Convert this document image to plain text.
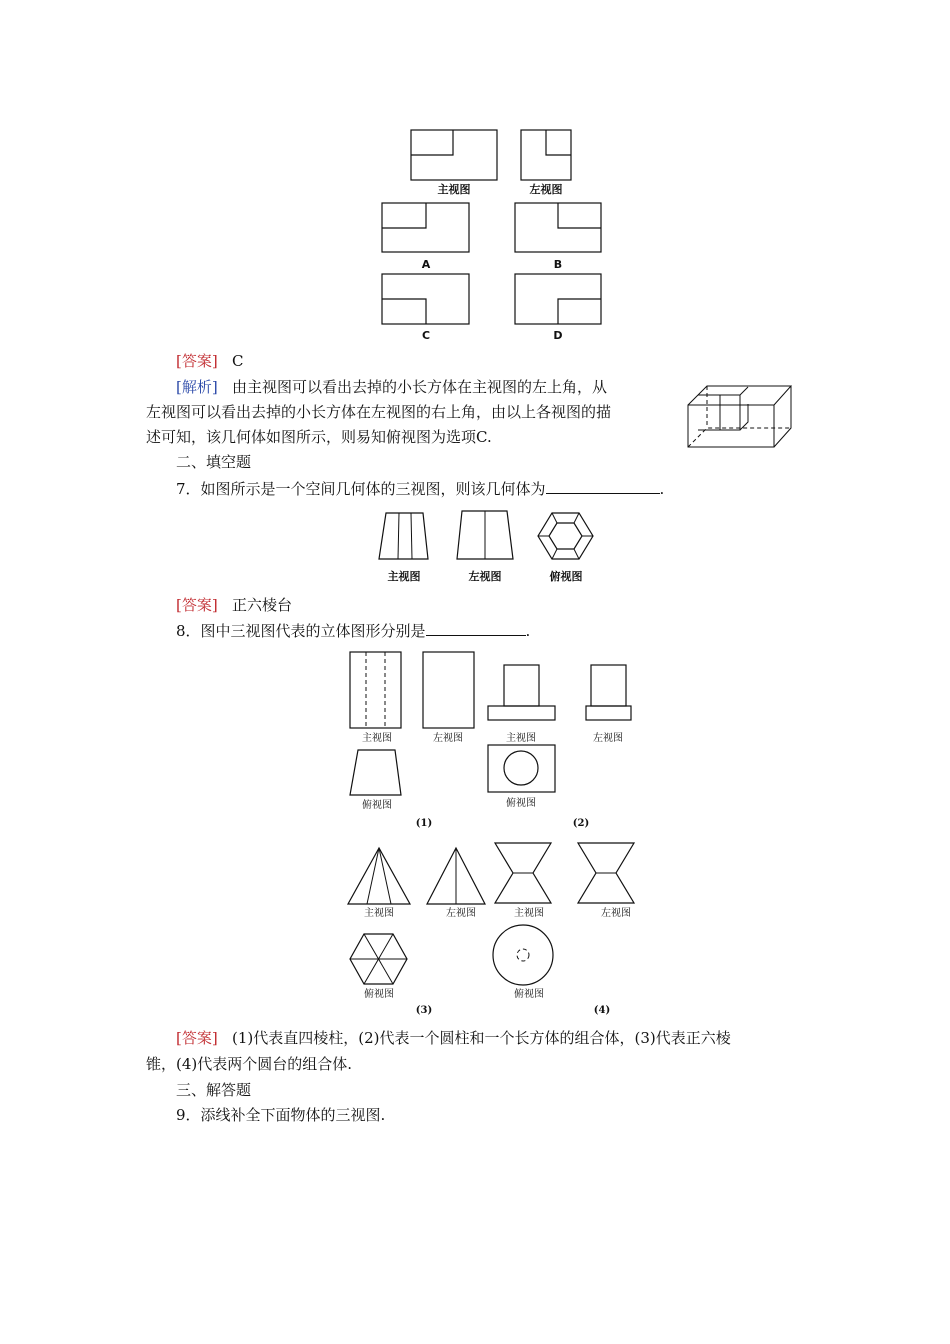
主视图	左视图
A	B
C	D
主视图	左视图	俯视图
主视图	左视图
俯视图
(1)
主视图	左视图
俯视图
(2)
主视图	左视图	主视图	左视图
俯视图
(3)
俯视图
(4)
[答案] C
[解析] 由主视图可以看出去掉的小长方体在主视图的左上角，从
左视图可以看出去掉的小长方体在左视图的右上角，由以上各视图的描
述可知，该几何体如图所示，则易知俯视图为选项C.
二、填空题
7．如图所示是一个空间几何体的三视图，则该几何体为	.
[答案] 正六棱台
8．图中三视图代表的立体图形分别是	.
[答案] (1)代表直四棱柱，(2)代表一个圆柱和一个长方体的组合体，(3)代表正六棱
锥，(4)代表两个圆台的组合体.
三、解答题
9．添线补全下面物体的三视图.
